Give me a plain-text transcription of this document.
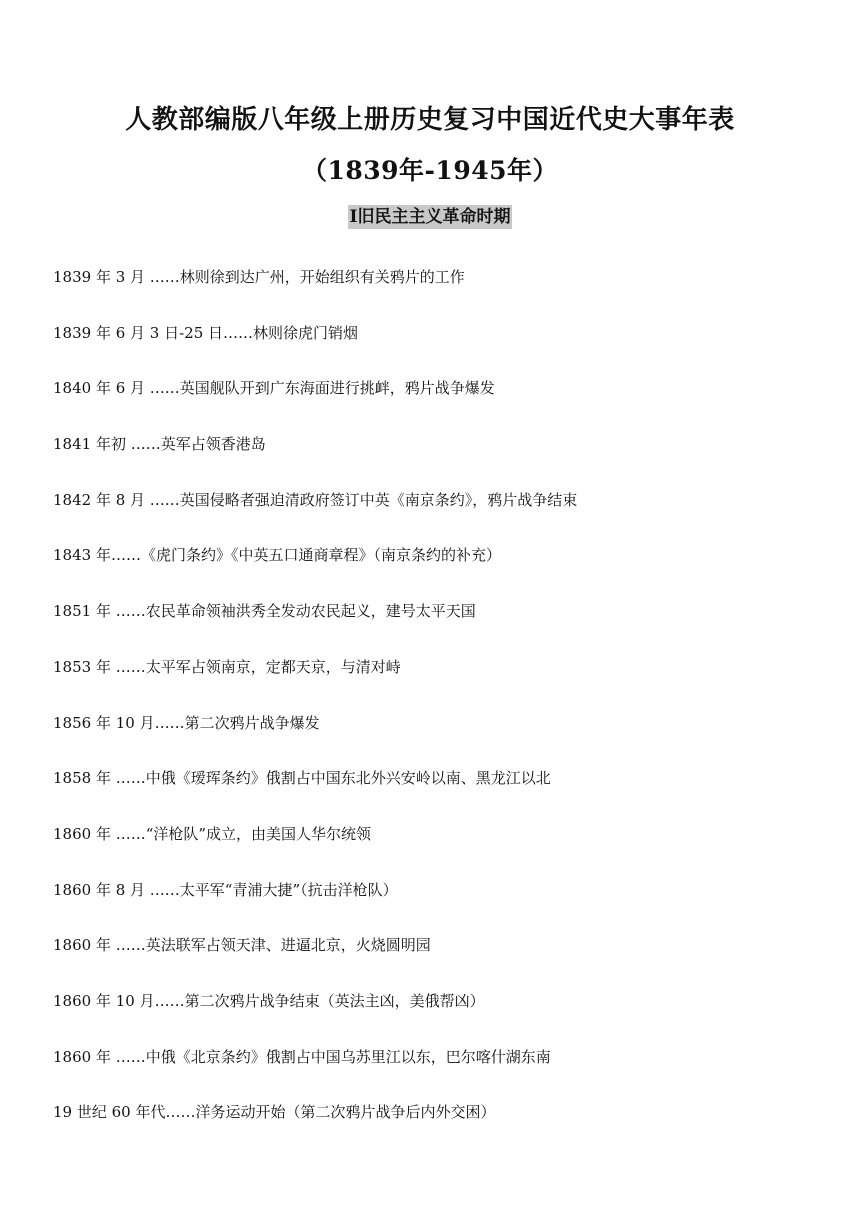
人教部编版八年级上册历史复习中国近代史大事年表
（1839年-1945年）
I旧民主主义革命时期
1839 年 3 月 ……林则徐到达广州，开始组织有关鸦片的工作
1839 年 6 月 3 日-25 日……林则徐虎门销烟
1840 年 6 月 ……英国舰队开到广东海面进行挑衅，鸦片战争爆发
1841 年初 ……英军占领香港岛
1842 年 8 月 ……英国侵略者强迫清政府签订中英《南京条约》，鸦片战争结束
1843 年……《虎门条约》《中英五口通商章程》（南京条约的补充）
1851 年 ……农民革命领袖洪秀全发动农民起义，建号太平天国
1853 年 ……太平军占领南京，定都天京，与清对峙
1856 年 10 月……第二次鸦片战争爆发
1858 年 ……中俄《瑷珲条约》俄割占中国东北外兴安岭以南、黑龙江以北
1860 年 ……“洋枪队”成立，由美国人华尔统领
1860 年 8 月 ……太平军“青浦大捷”（抗击洋枪队）
1860 年 ……英法联军占领天津、进逼北京，火烧圆明园
1860 年 10 月……第二次鸦片战争结束（英法主凶，美俄帮凶）
1860 年 ……中俄《北京条约》俄割占中国乌苏里江以东，巴尔喀什湖东南
19 世纪 60 年代……洋务运动开始（第二次鸦片战争后内外交困）
